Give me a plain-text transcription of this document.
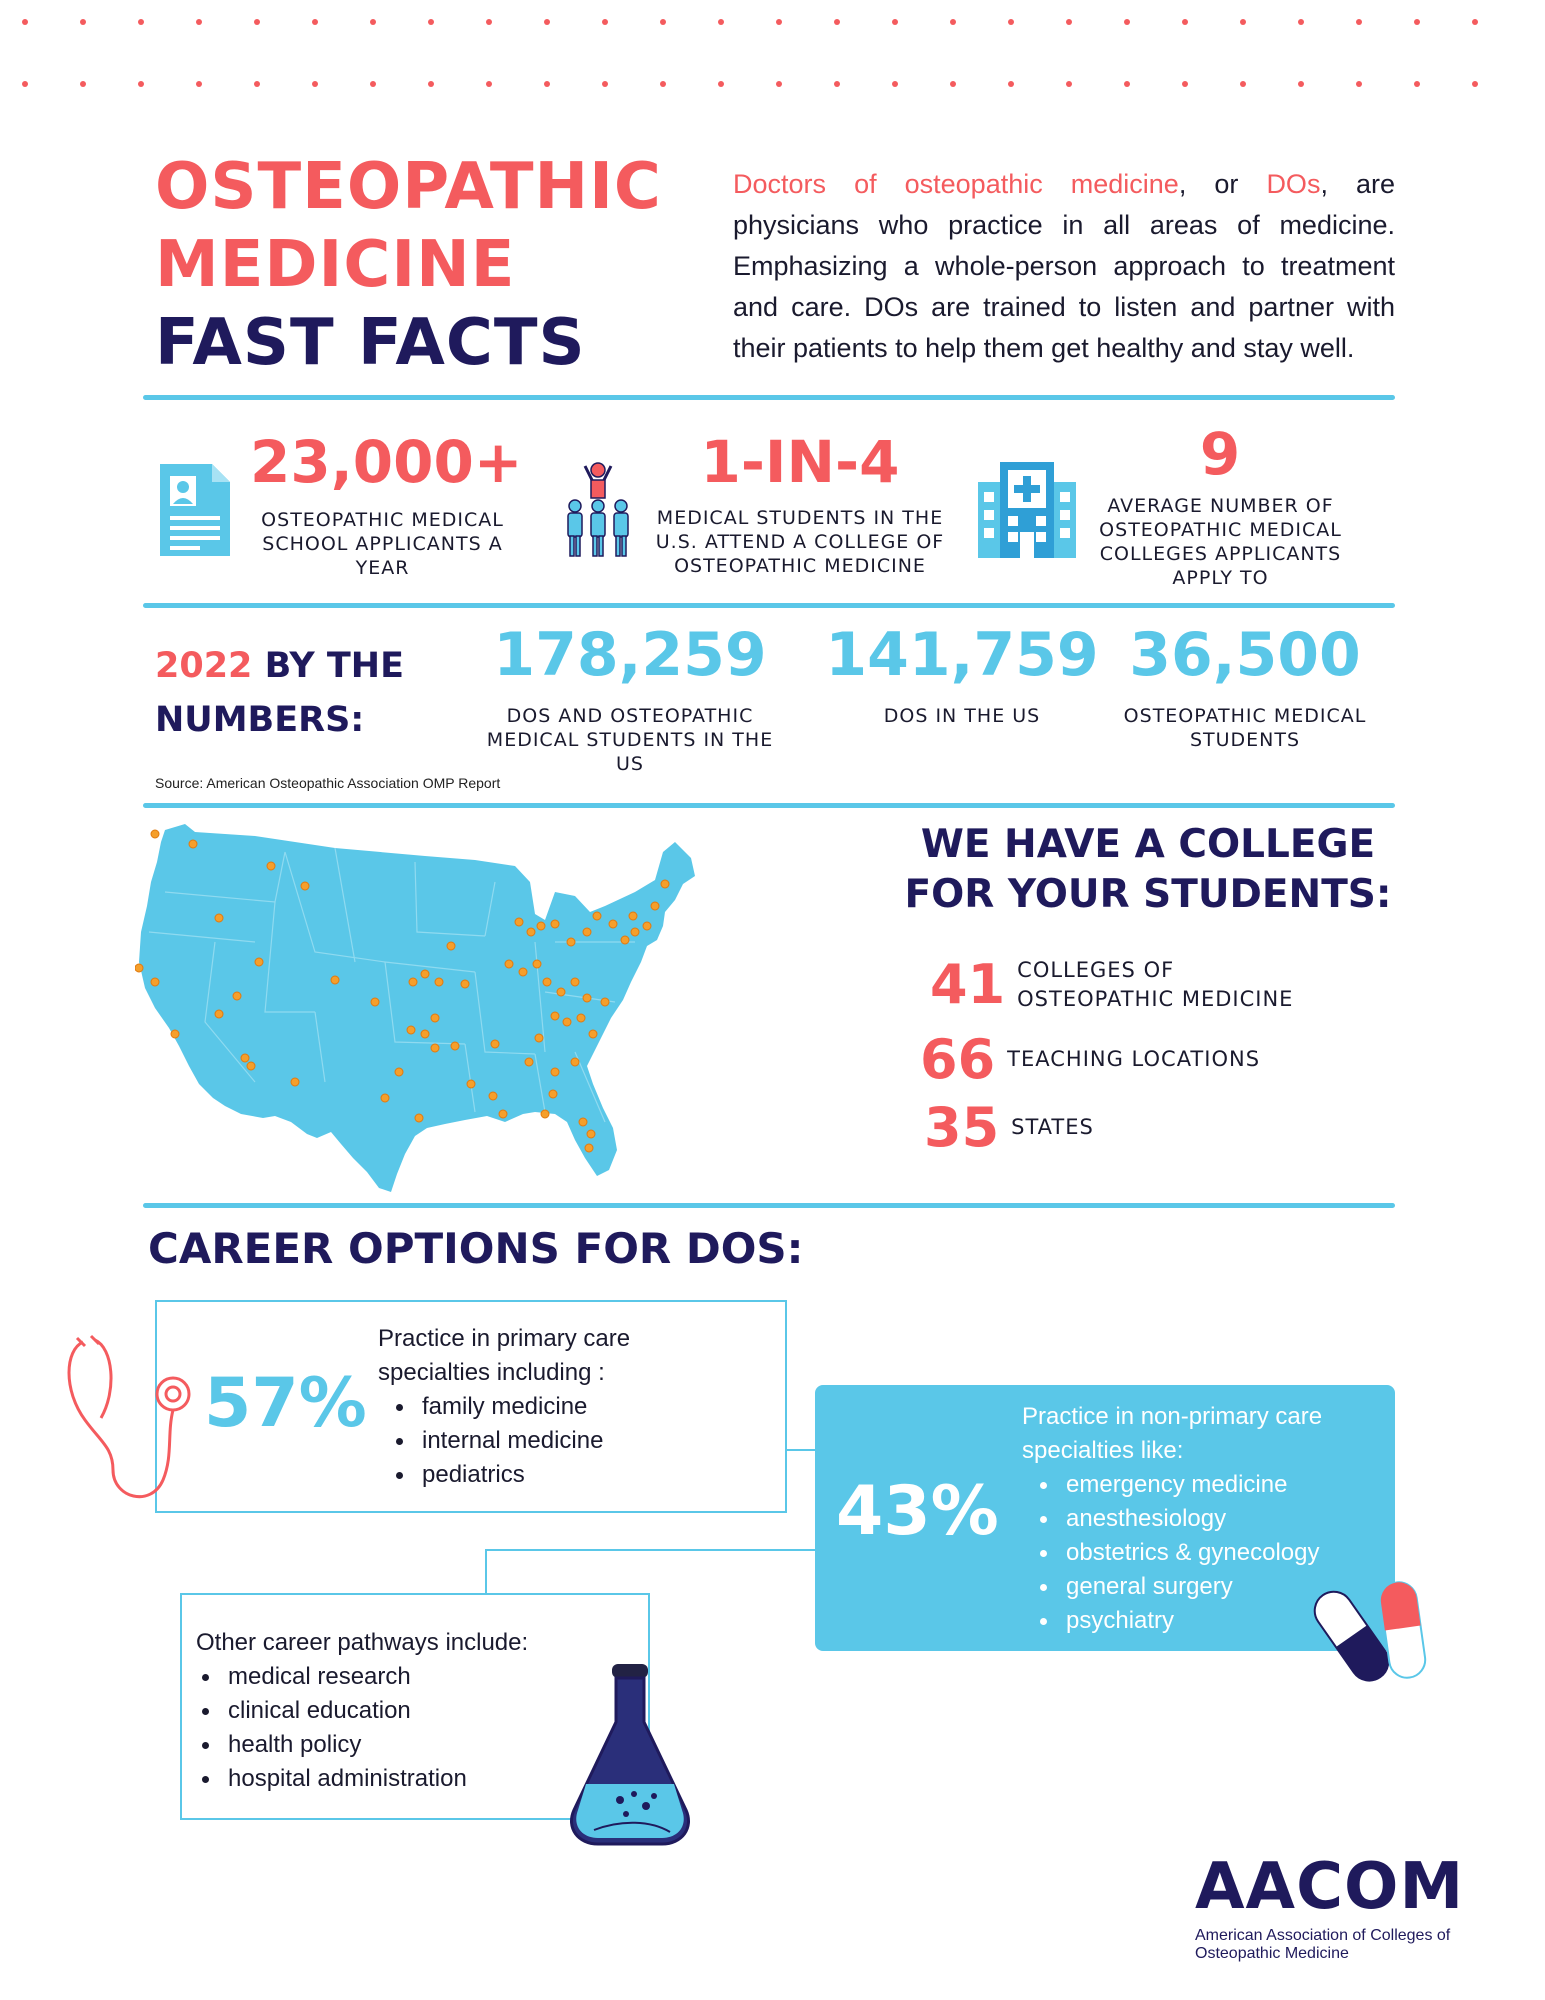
OSTEOPATHIC
MEDICINE
FAST FACTS
Doctors of osteopathic medicine, or DOs, are physicians who practice in all areas of medicine. Emphasizing a whole-person approach to treatment and care. DOs are trained to listen and partner with their patients to help them get healthy and stay well.
23,000+
OSTEOPATHIC MEDICAL SCHOOL APPLICANTS A YEAR
1-IN-4
MEDICAL STUDENTS IN THE U.S. ATTEND A COLLEGE OF OSTEOPATHIC MEDICINE
9
AVERAGE NUMBER OF OSTEOPATHIC MEDICAL COLLEGES APPLICANTS APPLY TO
2022 BY THE
NUMBERS:
178,259
DOS AND OSTEOPATHIC MEDICAL STUDENTS IN THE US
141,759
DOS IN THE US
36,500
OSTEOPATHIC MEDICAL STUDENTS
Source: American Osteopathic Association OMP Report
WE HAVE A COLLEGE
FOR YOUR STUDENTS:
41 COLLEGES OF
OSTEOPATHIC MEDICINE
66 TEACHING LOCATIONS
35 STATES
CAREER OPTIONS FOR DOS:
57%
Practice in primary care
specialties including :
family medicine
internal medicine
pediatrics	43%
Practice in non-primary care
specialties like:
emergency medicine
anesthesiology
obstetrics & gynecology
general surgery
psychiatry
Other career pathways include:
medical research
clinical education
health policy
hospital administration
AACOM
American Association of Colleges of
Osteopathic Medicine
